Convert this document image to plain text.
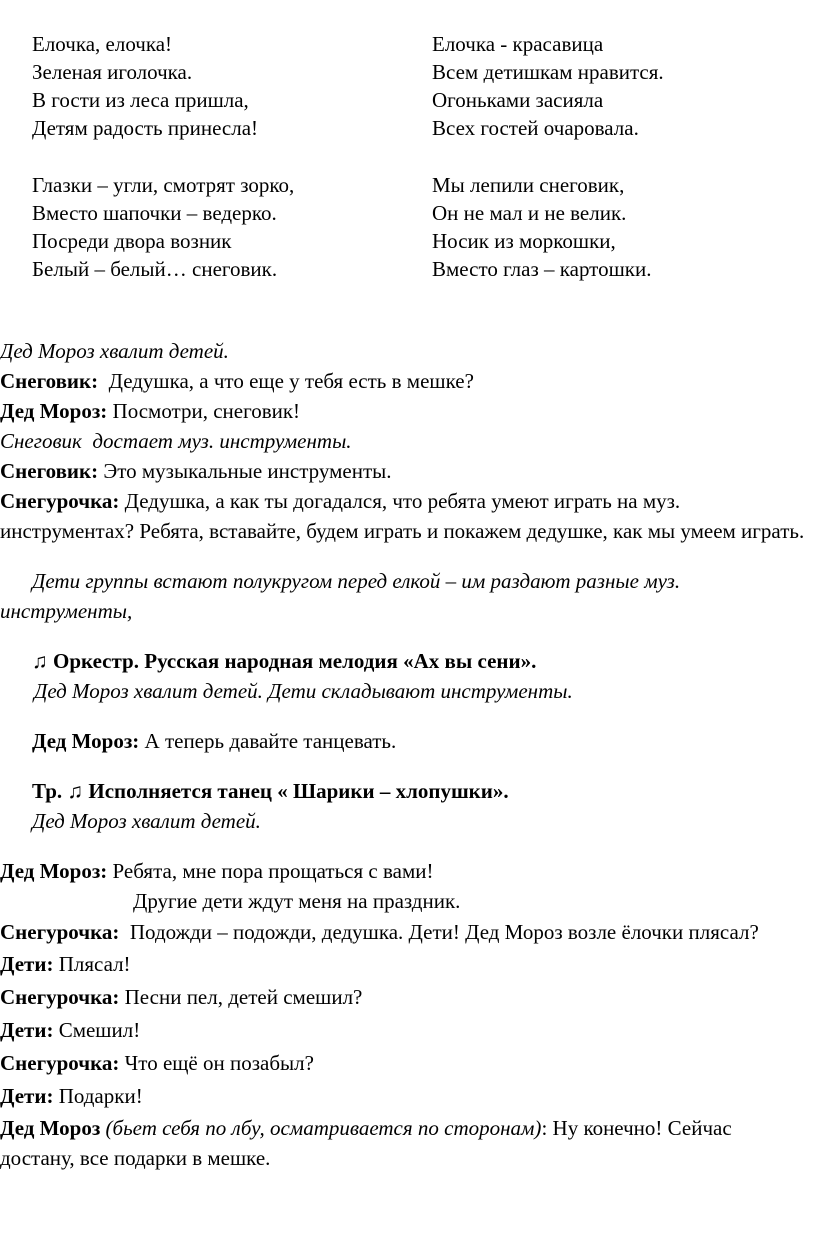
Елочка, елочка!
Зеленая иголочка.
В гости из леса пришла,
Детям радость принесла!
Елочка - красавица
Всем детишкам нравится.
Огоньками засияла
Всех гостей очаровала.
Глазки – угли, смотрят зорко,
Вместо шапочки – ведерко.
Посреди двора возник
Белый – белый… снеговик.
Мы лепили снеговик,
Он не мал и не велик.
Носик из моркошки,
Вместо глаз – картошки.

Дед Мороз хвалит детей.

Снеговик:  Дедушка, а что еще у тебя есть в мешке?

Дед Мороз: Посмотри, снеговик!

Снеговик  достает муз. инструменты.

Снеговик: Это музыкальные инструменты.

Снегурочка: Дедушка, а как ты догадался, что ребята умеют играть на муз. инструментах? Ребята, вставайте, будем играть и покажем дедушке, как мы умеем играть.

Дети группы встают полукругом перед елкой – им раздают разные муз. инструменты,

♫ Оркестр. Русская народная мелодия «Ах вы сени».

Дед Мороз хвалит детей. Дети складывают инструменты.

Дед Мороз: А теперь давайте танцевать.

Тр. ♫ Исполняется танец « Шарики – хлопушки».

Дед Мороз хвалит детей.

Дед Мороз: Ребята, мне пора прощаться с вами!

Другие дети ждут меня на праздник.

Снегурочка:  Подожди – подожди, дедушка. Дети! Дед Мороз возле ёлочки плясал?

Дети: Плясал!

Снегурочка: Песни пел, детей смешил?

Дети: Смешил!

Снегурочка: Что ещё он позабыл?

Дети: Подарки!

Дед Мороз (бьет себя по лбу, осматривается по сторонам): Ну конечно! Сейчас достану, все подарки в мешке.
